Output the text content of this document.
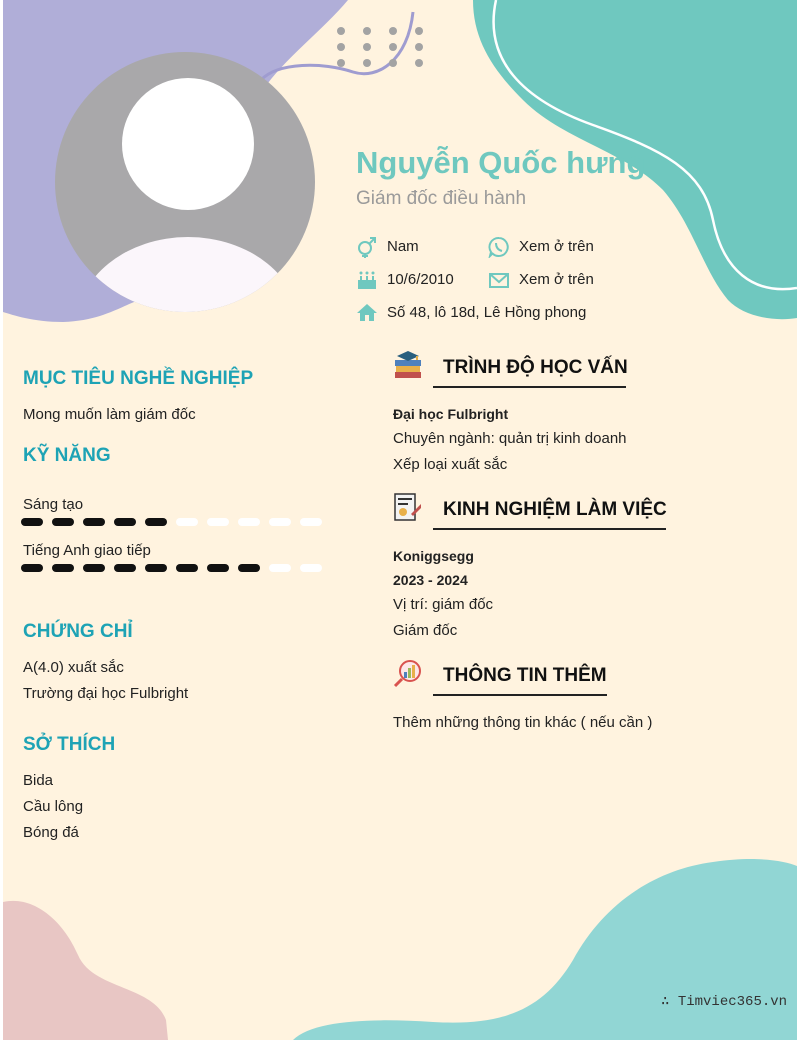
Nguyễn Quốc hưng
Giám đốc điều hành
Nam	Xem ở trên
10/6/2010	Xem ở trên
Số 48, lô 18d, Lê Hồng phong
MỤC TIÊU NGHỀ NGHIỆP
Mong muốn làm giám đốc
KỸ NĂNG
Sáng tạo
Tiếng Anh giao tiếp
CHỨNG CHỈ
A(4.0) xuất sắc
Trường đại học Fulbright
SỞ THÍCH
Bida
Cầu lông
Bóng đá
TRÌNH ĐỘ HỌC VẤN
Đại học Fulbright
Chuyên ngành: quản trị kinh doanh
Xếp loại xuất sắc
KINH NGHIỆM LÀM VIỆC
Koniggsegg
2023 - 2024
Vị trí: giám đốc
Giám đốc
THÔNG TIN THÊM
Thêm những thông tin khác ( nếu cần )
∴ Timviec365.vn
